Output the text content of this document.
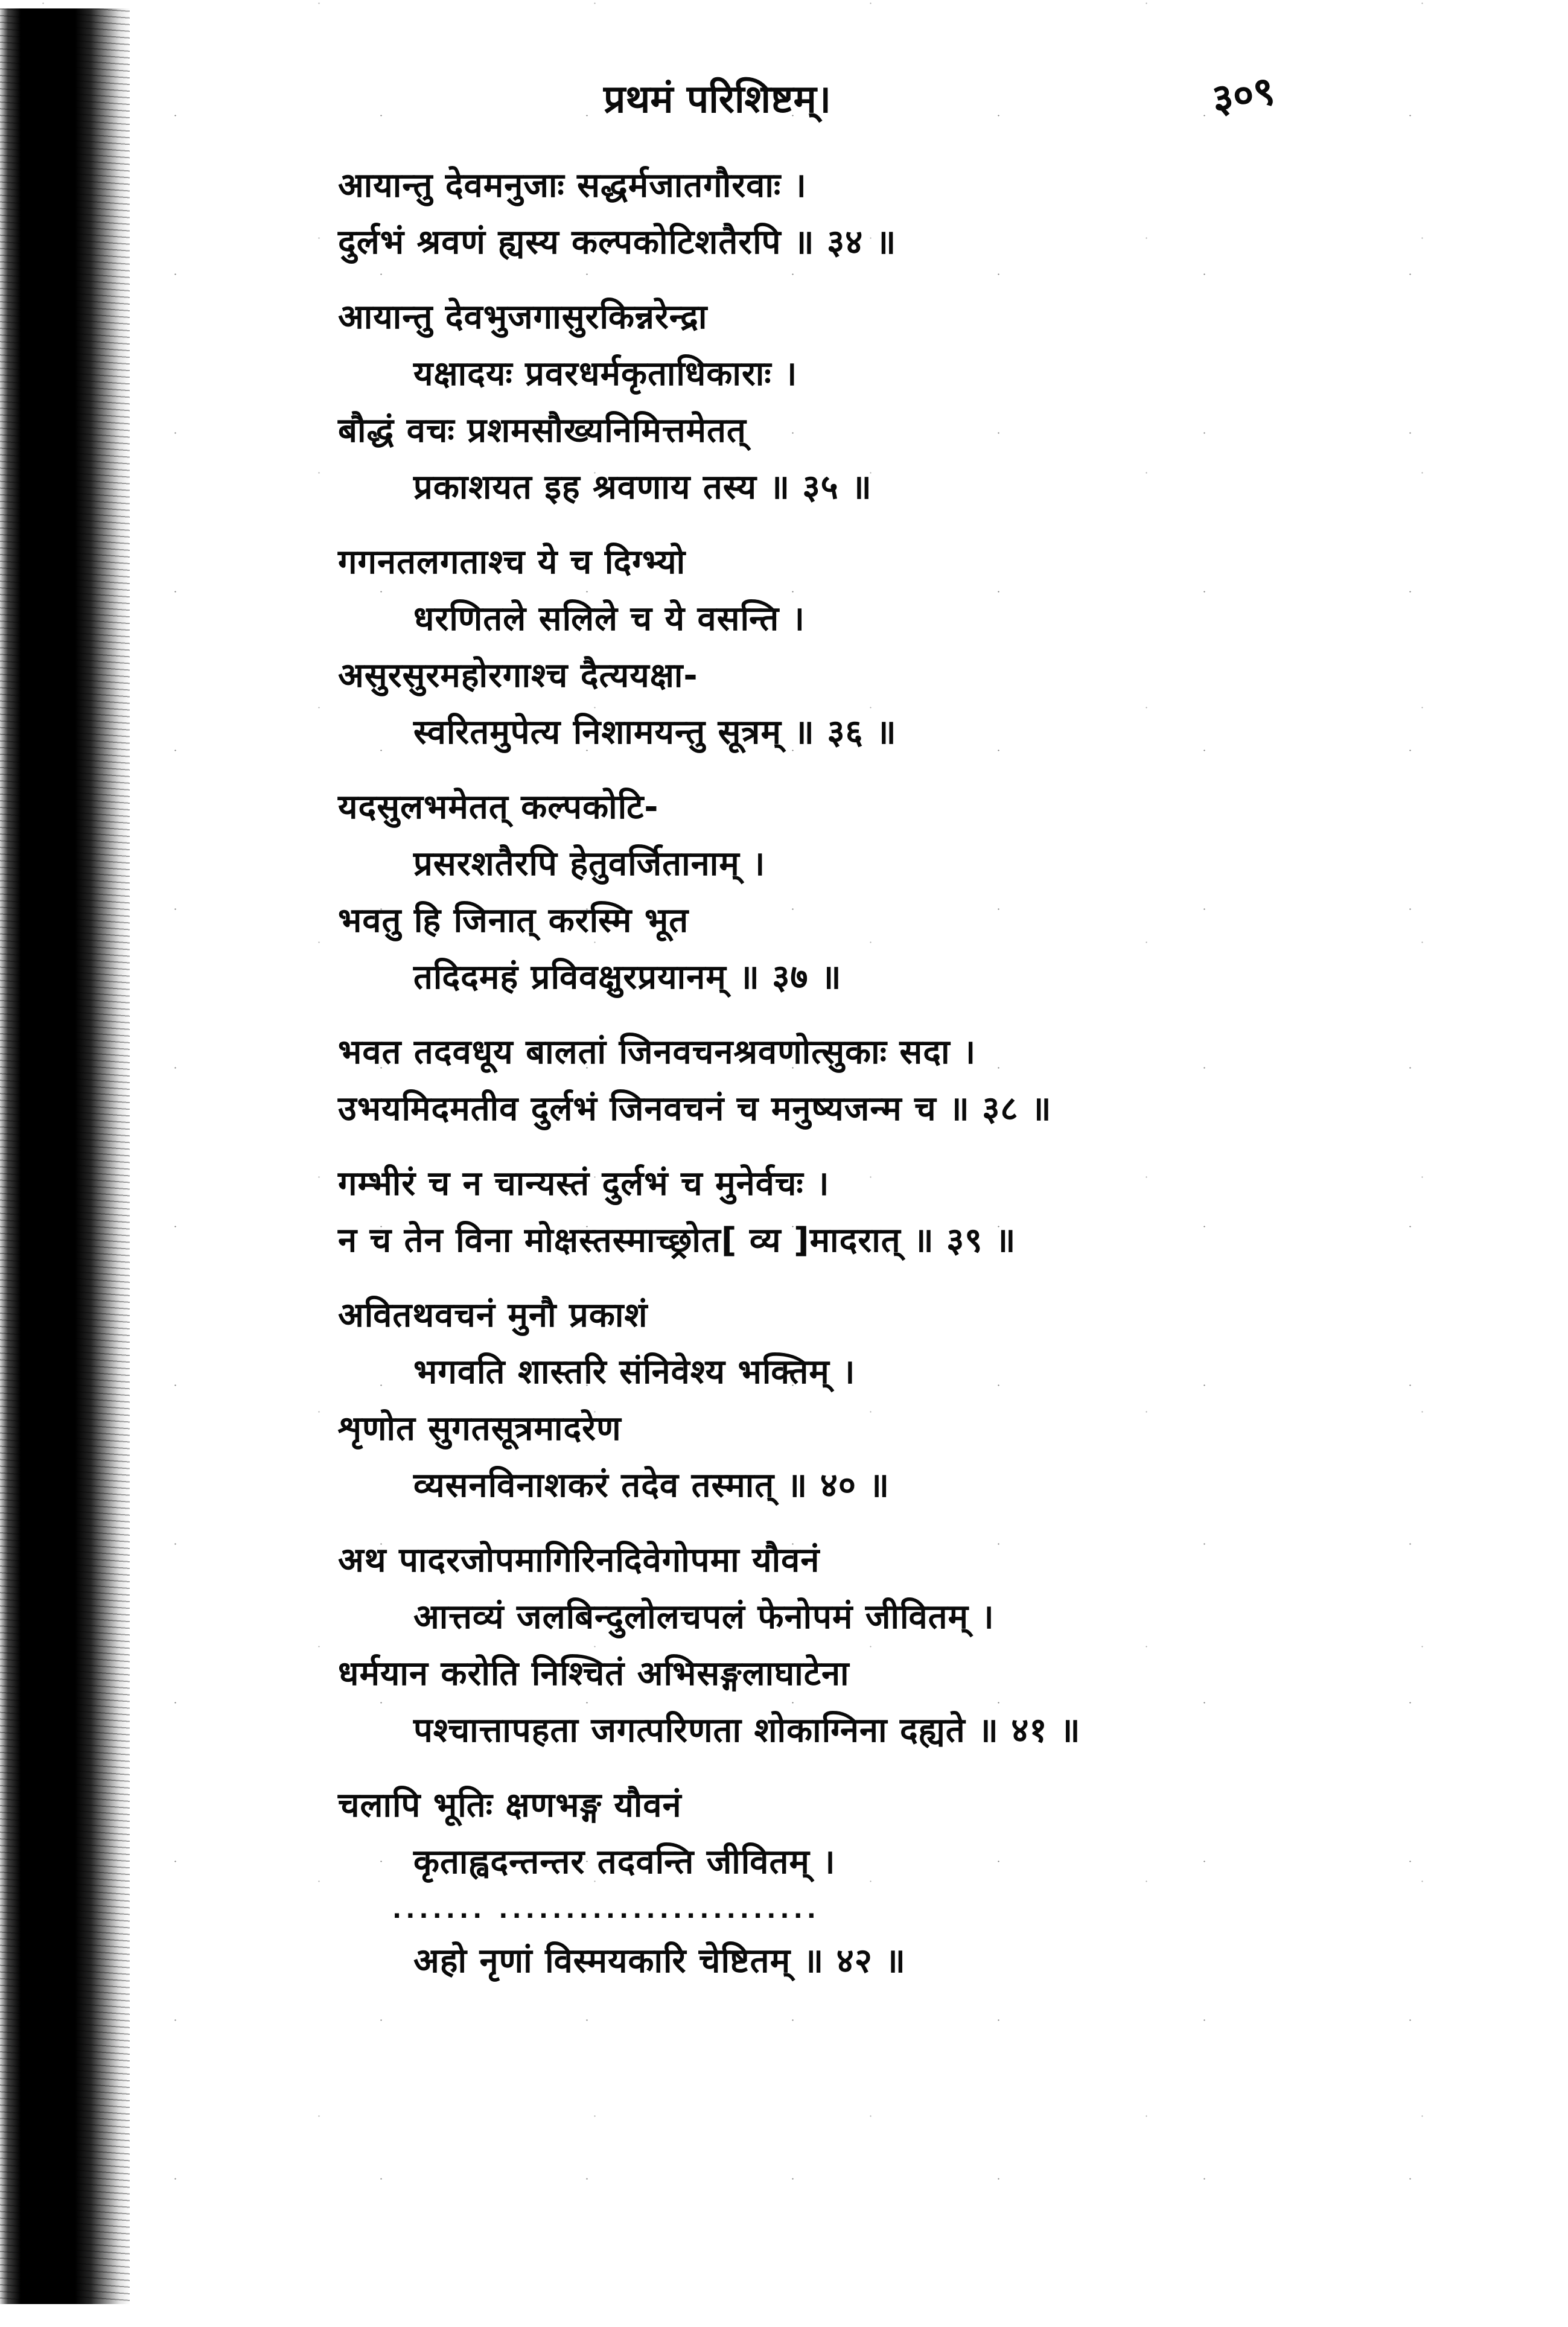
प्रथमं परिशिष्टम्।	३०९
आयान्तु देवमनुजाः सद्धर्मजातगौरवाः ।
दुर्लभं श्रवणं ह्यस्य कल्पकोटिशतैरपि ॥ ३४ ॥
आयान्तु देवभुजगासुरकिन्नरेन्द्रा
यक्षादयः प्रवरधर्मकृताधिकाराः ।
बौद्धं वचः प्रशमसौख्यनिमित्तमेतत्
प्रकाशयत इह श्रवणाय तस्य ॥ ३५ ॥
गगनतलगताश्च ये च दिग्भ्यो
धरणितले सलिले च ये वसन्ति ।
असुरसुरमहोरगाश्च दैत्ययक्षा-
स्वरितमुपेत्य निशामयन्तु सूत्रम् ॥ ३६ ॥
यदसुलभमेतत् कल्पकोटि-
प्रसरशतैरपि हेतुवर्जितानाम् ।
भवतु हि जिनात् करस्मि भूत
तदिदमहं प्रविवक्षुरप्रयानम् ॥ ३७ ॥
भवत तदवधूय बालतां जिनवचनश्रवणोत्सुकाः सदा ।
उभयमिदमतीव दुर्लभं जिनवचनं च मनुष्यजन्म च ॥ ३८ ॥
गम्भीरं च न चान्यस्तं दुर्लभं च मुनेर्वचः ।
न च तेन विना मोक्षस्तस्माच्छ्रोत[ व्य ]मादरात् ॥ ३९ ॥
अवितथवचनं मुनौ प्रकाशं
भगवति शास्तरि संनिवेश्य भक्तिम् ।
शृणोत सुगतसूत्रमादरेण
व्यसनविनाशकरं तदेव तस्मात् ॥ ४० ॥
अथ पादरजोपमागिरिनदिवेगोपमा यौवनं
आत्तव्यं जलबिन्दुलोलचपलं फेनोपमं जीवितम् ।
धर्मयान करोति निश्चितं अभिसङ्गलाघाटेना
पश्चात्तापहता जगत्परिणता शोकाग्निना दह्यते ॥ ४१ ॥
चलापि भूतिः क्षणभङ्ग यौवनं
कृताह्वदन्तन्तर तदवन्ति जीवितम् ।
....... ........................
अहो नृणां विस्मयकारि चेष्टितम् ॥ ४२ ॥
